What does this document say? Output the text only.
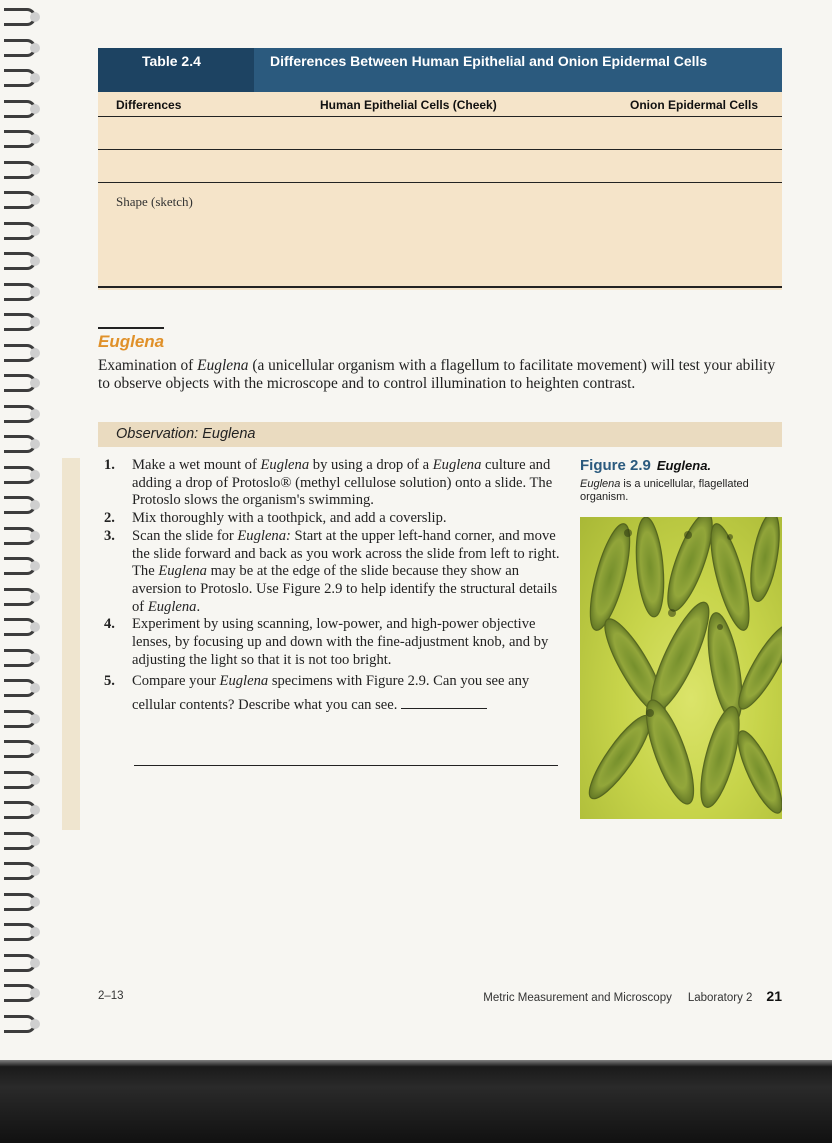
Table 2.4	Differences Between Human Epithelial and Onion Epidermal Cells
Differences	Human Epithelial Cells (Cheek)	Onion Epidermal Cells
Shape (sketch)
Euglena

Examination of Euglena (a unicellular organism with a flagellum to facilitate movement) will test your ability to observe objects with the microscope and to control illumination to heighten contrast.

Observation: Euglena

1. Make a wet mount of Euglena by using a drop of a Euglena culture and adding a drop of Protoslo® (methyl cellulose solution) onto a slide. The Protoslo slows the organism's swimming.

2. Mix thoroughly with a toothpick, and add a coverslip.

3. Scan the slide for Euglena: Start at the upper left-hand corner, and move the slide forward and back as you work across the slide from left to right. The Euglena may be at the edge of the slide because they show an aversion to Protoslo. Use Figure 2.9 to help identify the structural details of Euglena.

4. Experiment by using scanning, low-power, and high-power objective lenses, by focusing up and down with the fine-adjustment knob, and by adjusting the light so that it is not too bright.

5. Compare your Euglena specimens with Figure 2.9. Can you see any cellular contents? Describe what you can see.

Figure 2.9 Euglena.
Euglena is a unicellular, flagellated organism.
2–13	Metric Measurement and Microscopy Laboratory 2 21
